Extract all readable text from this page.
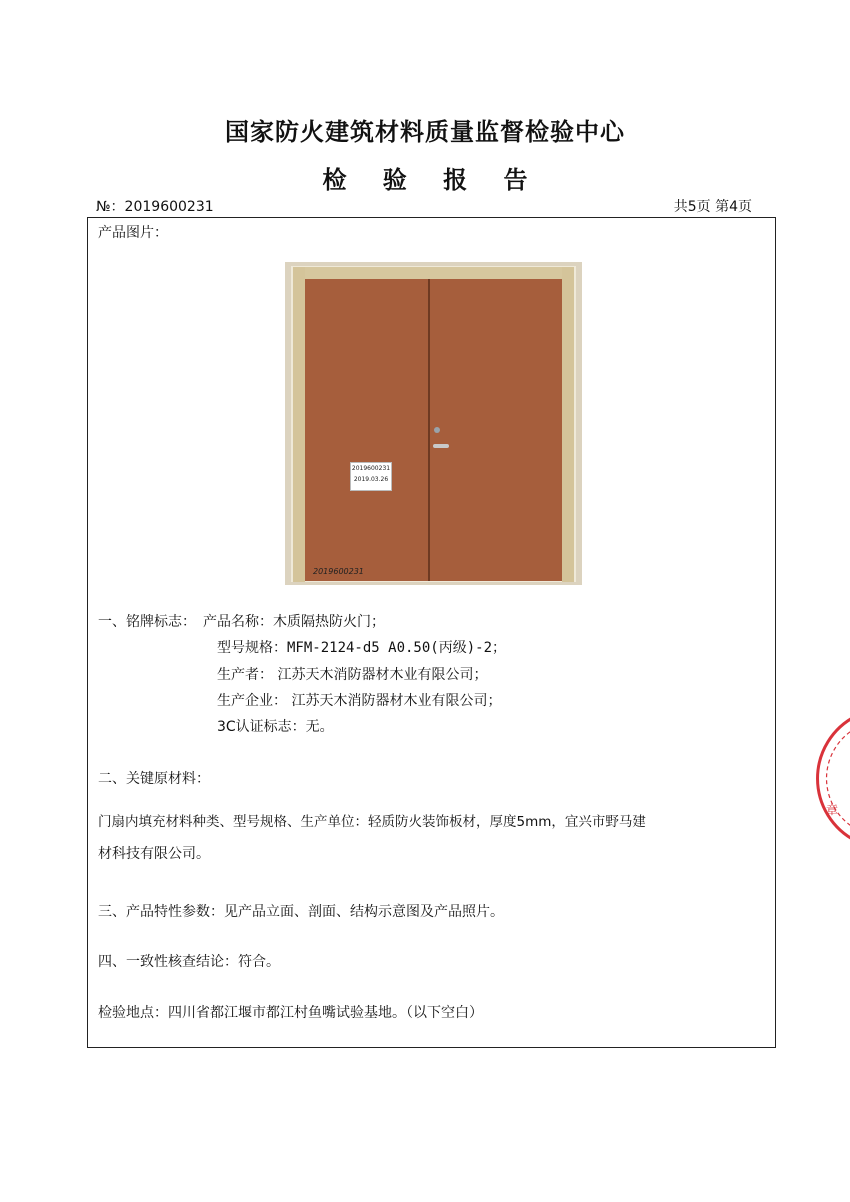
国家防火建筑材料质量监督检验中心
检 验 报 告
№：2019600231	共5页 第4页
产品图片：
2019600231
2019.03.26
2019600231
一、铭牌标志： 产品名称：木质隔热防火门；
型号规格：MFM-2124-d5 A0.50(丙级)-2；
生产者： 江苏天木消防器材木业有限公司；
生产企业： 江苏天木消防器材木业有限公司；
3C认证标志：无。
二、关键原材料：
门扇内填充材料种类、型号规格、生产单位：轻质防火装饰板材，厚度5mm，宜兴市野马建
材科技有限公司。
三、产品特性参数：见产品立面、剖面、结构示意图及产品照片。
四、一致性核查结论：符合。
检验地点：四川省都江堰市都江村鱼嘴试验基地。（以下空白）
章
